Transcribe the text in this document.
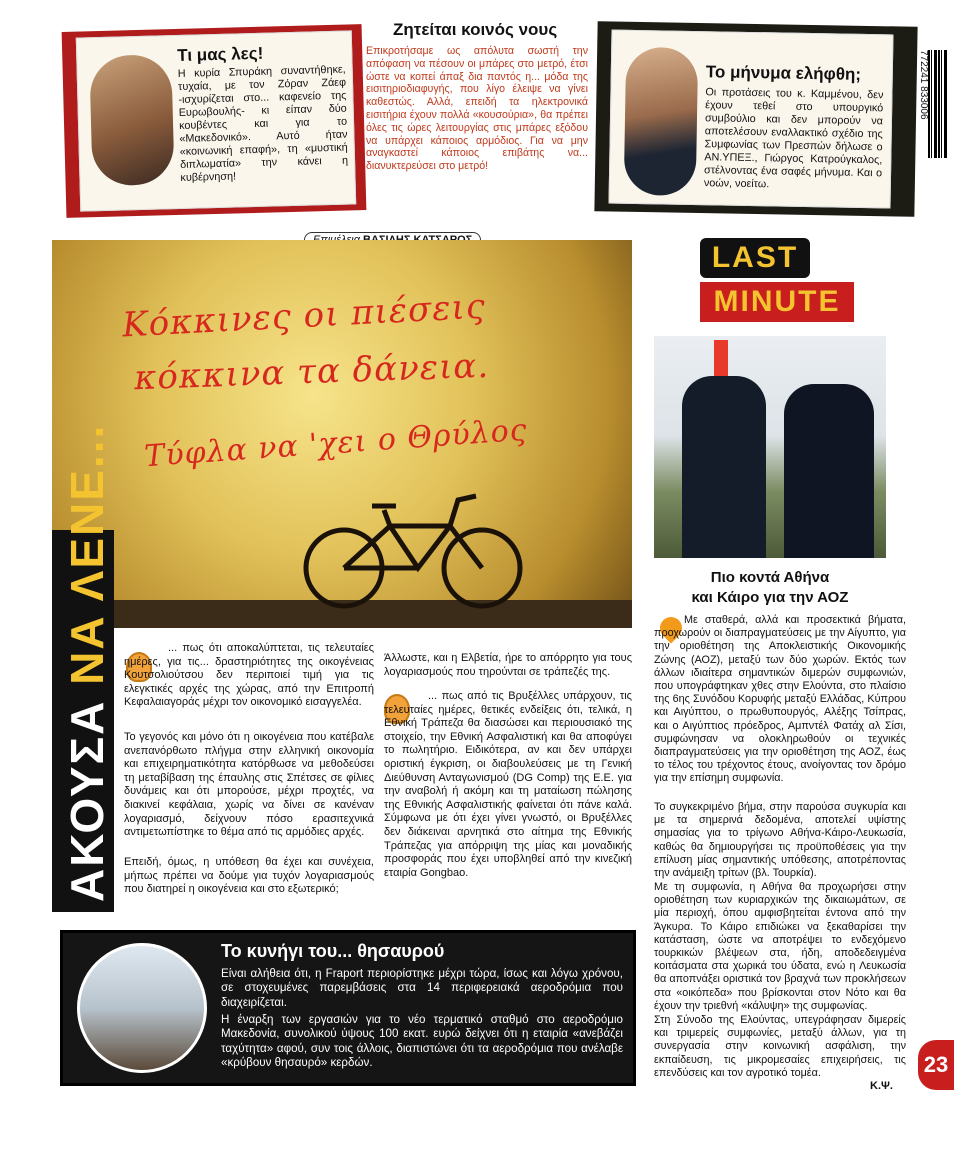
Τι μας λες!

Η κυρία Σπυράκη συναντήθηκε, τυχαία, με τον Ζόραν Ζάεφ -ισχυρίζεται στο... καφενείο της Ευρωβουλής- κι είπαν δύο κουβέντες και για το «Μακεδονικό». Αυτό ήταν «κοινωνική επαφή», τη «μυστική διπλωματία» την κάνει η κυβέρνηση!

Ζητείται κοινός νους

Επικροτήσαμε ως απόλυτα σωστή την απόφαση να πέσουν οι μπάρες στο μετρό, έτσι ώστε να κοπεί άπαξ δια παντός η... μόδα της εισιτηριοδιαφυγής, που λίγο έλειψε να γίνει καθεστώς. Αλλά, επειδή τα ηλεκτρονικά εισιτήρια έχουν πολλά «κουσούρια», θα πρέπει όλες τις ώρες λειτουργίας στις μπάρες εξόδου να υπάρχει κάποιος αρμόδιος. Για να μην αναγκαστεί κάποιος επιβάτης να... διανυκτερεύσει στο μετρό!

Το μήνυμα ελήφθη;

Οι προτάσεις του κ. Καμμένου, δεν έχουν τεθεί στο υπουργικό συμβούλιο και δεν μπορούν να αποτελέσουν εναλλακτικό σχέδιο της Συμφωνίας των Πρεσπών δήλωσε ο ΑΝ.ΥΠΕΞ., Γιώργος Κατρούγκαλος, στέλνοντας ένα σαφές μήνυμα. Και ο νοών, νοείτω.

772241 833006
Κόκκινες οι πιέσεις
κόκκινα τα δάνεια.
Τύφλα να 'χει ο Θρύλος
ΑΚΟΥΣΑ ΝΑ ΛΕΝΕ...

... πως ότι αποκαλύπτεται, τις τελευταίες ημέρες, για τις... δραστηριότητες της οικογένειας Κουτσολιούτσου δεν περιποιεί τιμή για τις ελεγκτικές αρχές της χώρας, από την Επιτροπή Κεφαλαιαγοράς μέχρι τον οικονομικό εισαγγελέα.

Το γεγονός και μόνο ότι η οικογένεια που κατέβαλε ανεπανόρθωτο πλήγμα στην ελληνική οικονομία και επιχειρηματικότητα κατόρθωσε να μεθοδεύσει τη μεταβίβαση της έπαυλης στις Σπέτσες σε φίλιες δυνάμεις και ότι μπορούσε, μέχρι προχτές, να διακινεί κεφάλαια, χωρίς να δίνει σε κανέναν λογαριασμό, δείχνουν πόσο ερασιτεχνικά αντιμετωπίστηκε το θέμα από τις αρμόδιες αρχές.

Επειδή, όμως, η υπόθεση θα έχει και συνέχεια, μήπως πρέπει να δούμε για τυχόν λογαριασμούς που διατηρεί η οικογένεια και στο εξωτερικό;

Άλλωστε, και η Ελβετία, ήρε το απόρρητο για τους λογαριασμούς που τηρούνται σε τράπεζές της.

... πως από τις Βρυξέλλες υπάρχουν, τις τελευταίες ημέρες, θετικές ενδείξεις ότι, τελικά, η Εθνική Τράπεζα θα διασώσει και περιουσιακό της στοιχείο, την Εθνική Ασφαλιστική και θα αποφύγει το πωλητήριο. Ειδικότερα, αν και δεν υπάρχει οριστική έγκριση, οι διαβουλεύσεις με τη Γενική Διεύθυνση Ανταγωνισμού (DG Comp) της Ε.Ε. για την αναβολή ή ακόμη και τη ματαίωση πώλησης της Εθνικής Ασφαλιστικής φαίνεται ότι πάνε καλά. Σύμφωνα με ότι έχει γίνει γνωστό, οι Βρυξέλλες δεν διάκειναι αρνητικά στο αίτημα της Εθνικής Τράπεζας για απόρριψη της μίας και μοναδικής προσφοράς που έχει υποβληθεί από την κινεζική εταιρία Gongbao.

Το κυνήγι του... θησαυρού

Είναι αλήθεια ότι, η Fraport περιορίστηκε μέχρι τώρα, ίσως και λόγω χρόνου, σε στοχευμένες παρεμβάσεις στα 14 περιφερειακά αεροδρόμια που διαχειρίζεται.

Η έναρξη των εργασιών για το νέο τερματικό σταθμό στο αεροδρόμιο Μακεδονία, συνολικού ύψους 100 εκατ. ευρώ δείχνει ότι η εταιρία «ανεβάζει ταχύτητα» αφού, συν τοις άλλοις, διαπιστώνει ότι τα αεροδρόμια που ανέλαβε «κρύβουν θησαυρό» κερδών.

LAST
MINUTE
Πιο κοντά Αθήνα
και Κάιρο για την ΑΟΖ

Με σταθερά, αλλά και προσεκτικά βήματα, προχωρούν οι διαπραγματεύσεις με την Αίγυπτο, για την οριοθέτηση της Αποκλειστικής Οικονομικής Ζώνης (ΑΟΖ), μεταξύ των δύο χωρών. Εκτός των άλλων ιδιαίτερα σημαντικών διμερών συμφωνιών, που υπογράφτηκαν χθες στην Ελούντα, στο πλαίσιο της 6ης Συνόδου Κορυφής μεταξύ Ελλάδας, Κύπρου και Αιγύπτου, ο πρωθυπουργός, Αλέξης Τσίπρας, και ο Αιγύπτιος πρόεδρος, Αμπντέλ Φατάχ αλ Σίσι, συμφώνησαν να ολοκληρωθούν οι τεχνικές διαπραγματεύσεις για την οριοθέτηση της ΑΟΖ, έως το τέλος του τρέχοντος έτους, ανοίγοντας τον δρόμο για την επίσημη συμφωνία.

Το συγκεκριμένο βήμα, στην παρούσα συγκυρία και με τα σημερινά δεδομένα, αποτελεί υψίστης σημασίας για το τρίγωνο Αθήνα-Κάιρο-Λευκωσία, καθώς θα δημιουργήσει τις προϋποθέσεις για την επίλυση μίας σημαντικής υπόθεσης, αποτρέποντας την ανάμειξη τρίτων (βλ. Τουρκία).

Με τη συμφωνία, η Αθήνα θα προχωρήσει στην οριοθέτηση των κυριαρχικών της δικαιωμάτων, σε μία περιοχή, όπου αμφισβητείται έντονα από την Άγκυρα. Το Κάιρο επιδιώκει να ξεκαθαρίσει την κατάσταση, ώστε να αποτρέψει το ενδεχόμενο τουρκικών βλέψεων στα, ήδη, αποδεδειγμένα κοιτάσματα στα χωρικά του ύδατα, ενώ η Λευκωσία θα αποπνάξει οριστικά τον βραχνά των προκλήσεων στα «οικόπεδα» που βρίσκονται στον Νότο και θα έχουν την τριεθνή «κάλυψη» της συμφωνίας.

Στη Σύνοδο της Ελούντας, υπεγράφησαν διμερείς και τριμερείς συμφωνίες, μεταξύ άλλων, για τη συνεργασία στην κοινωνική ασφάλιση, την εκπαίδευση, τις μικρομεσαίες επιχειρήσεις, τις επενδύσεις και τον αγροτικό τομέα.

Κ.Ψ.
23
